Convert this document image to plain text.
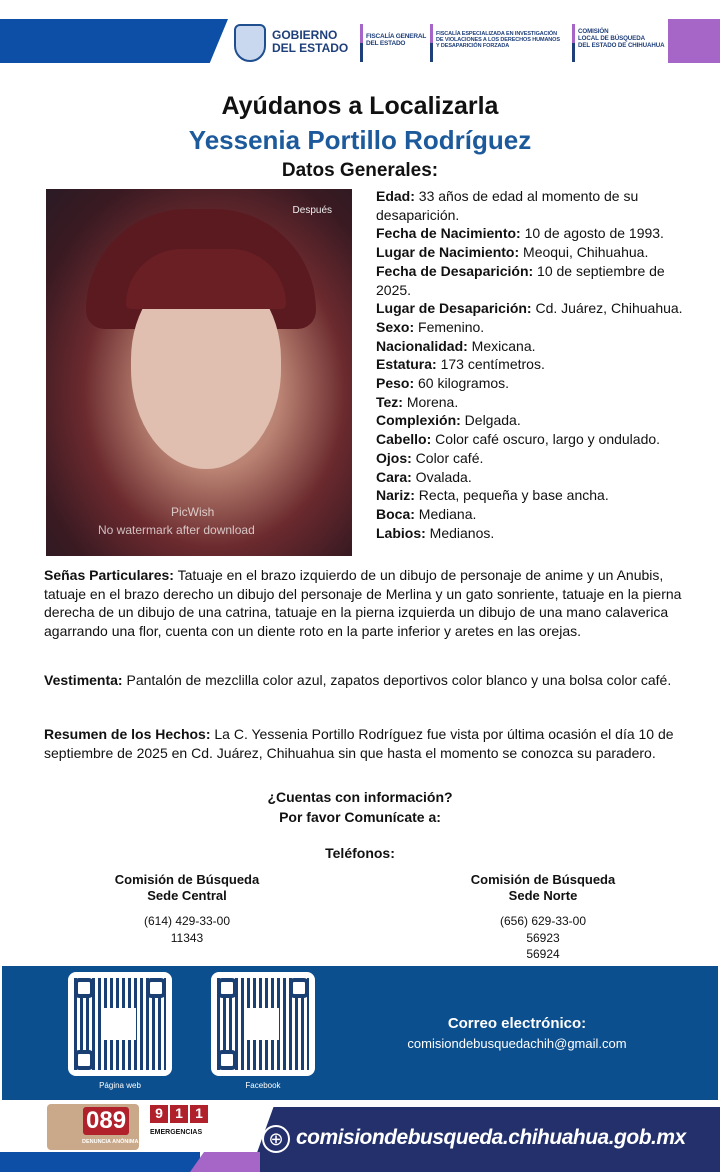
GOBIERNO
DEL ESTADO
FISCALÍA GENERAL
DEL ESTADO
FISCALÍA ESPECIALIZADA EN INVESTIGACIÓN
DE VIOLACIONES A LOS DERECHOS HUMANOS
Y DESAPARICIÓN FORZADA
COMISIÓN
LOCAL DE BÚSQUEDA
DEL ESTADO DE CHIHUAHUA
Ayúdanos a Localizarla
Yessenia Portillo Rodríguez
Datos Generales:
Después
PicWish
No watermark after download
Edad: 33 años de edad al momento de su desaparición.
Fecha de Nacimiento: 10 de agosto de 1993.
Lugar de Nacimiento: Meoqui, Chihuahua.
Fecha de Desaparición: 10 de septiembre de 2025.
Lugar de Desaparición: Cd. Juárez, Chihuahua.
Sexo: Femenino.
Nacionalidad: Mexicana.
Estatura: 173 centímetros.
Peso: 60 kilogramos.
Tez: Morena.
Complexión: Delgada.
Cabello: Color café oscuro, largo y ondulado.
Ojos: Color café.
Cara: Ovalada.
Nariz: Recta, pequeña y base ancha.
Boca: Mediana.
Labios: Medianos.
Señas Particulares: Tatuaje en el brazo izquierdo de un dibujo de personaje de anime y un Anubis, tatuaje en el brazo derecho un dibujo del personaje de Merlina y un gato sonriente, tatuaje en la pierna derecha de un dibujo de una catrina, tatuaje en la pierna izquierda un dibujo de una mano calaverica agarrando una flor, cuenta con un diente roto en la parte inferior y aretes en las orejas.
Vestimenta: Pantalón de mezclilla color azul, zapatos deportivos color blanco y una bolsa color café.
Resumen de los Hechos: La C. Yessenia Portillo Rodríguez fue vista por última ocasión el día 10 de septiembre de 2025 en Cd. Juárez, Chihuahua sin que hasta el momento se conozca su paradero.
¿Cuentas con información?
Por favor Comunícate a:
Teléfonos:
Comisión de Búsqueda
Sede Central

(614) 429-33-00

11343

Comisión de Búsqueda
Sede Norte

(656) 629-33-00

56923

56924

Página web	Facebook
Correo electrónico:
comisiondebusquedachih@gmail.com
089
DENUNCIA ANÓNIMA
9 1 1
EMERGENCIAS	⊕ comisiondebusqueda.chihuahua.gob.mx
